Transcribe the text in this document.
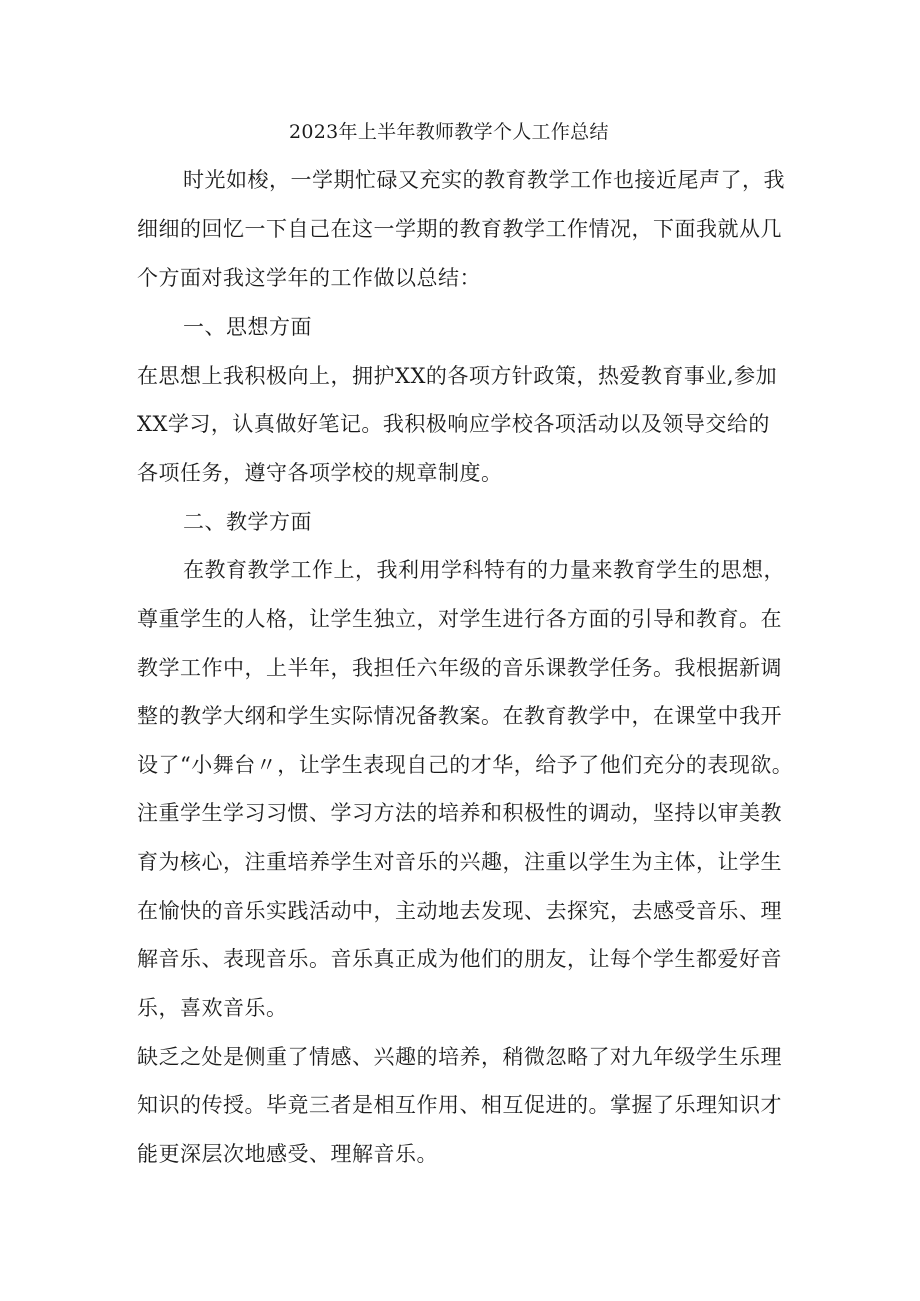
2023年上半年教师教学个人工作总结
时光如梭，一学期忙碌又充实的教育教学工作也接近尾声了，我
细细的回忆一下自己在这一学期的教育教学工作情况，下面我就从几
个方面对我这学年的工作做以总结：
一、思想方面
在思想上我积极向上，拥护XX的各项方针政策，热爱教育事业,参加
XX学习，认真做好笔记。我积极响应学校各项活动以及领导交给的
各项任务，遵守各项学校的规章制度。
二、教学方面
在教育教学工作上，我利用学科特有的力量来教育学生的思想，
尊重学生的人格，让学生独立，对学生进行各方面的引导和教育。在
教学工作中，上半年，我担任六年级的音乐课教学任务。我根据新调
整的教学大纲和学生实际情况备教案。在教育教学中，在课堂中我开
设了“小舞台〃，让学生表现自己的才华，给予了他们充分的表现欲。
注重学生学习习惯、学习方法的培养和积极性的调动，坚持以审美教
育为核心，注重培养学生对音乐的兴趣，注重以学生为主体，让学生
在愉快的音乐实践活动中，主动地去发现、去探究，去感受音乐、理
解音乐、表现音乐。音乐真正成为他们的朋友，让每个学生都爱好音
乐，喜欢音乐。
缺乏之处是侧重了情感、兴趣的培养，稍微忽略了对九年级学生乐理
知识的传授。毕竟三者是相互作用、相互促进的。掌握了乐理知识才
能更深层次地感受、理解音乐。
